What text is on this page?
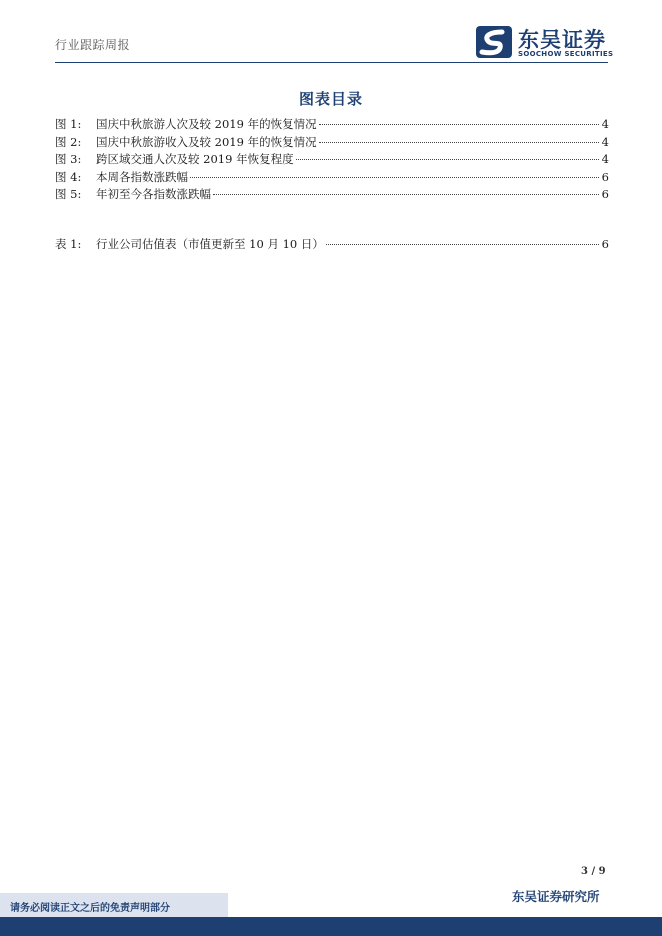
行业跟踪周报	东吴证券
SOOCHOW SECURITIES
图表目录
图 1:	国庆中秋旅游人次及较 2019 年的恢复情况	4
图 2:	国庆中秋旅游收入及较 2019 年的恢复情况	4
图 3:	跨区域交通人次及较 2019 年恢复程度	4
图 4:	本周各指数涨跌幅	6
图 5:	年初至今各指数涨跌幅	6
表 1:	行业公司估值表（市值更新至 10 月 10 日）	6
3 / 9
请务必阅读正文之后的免责声明部分
东吴证券研究所
